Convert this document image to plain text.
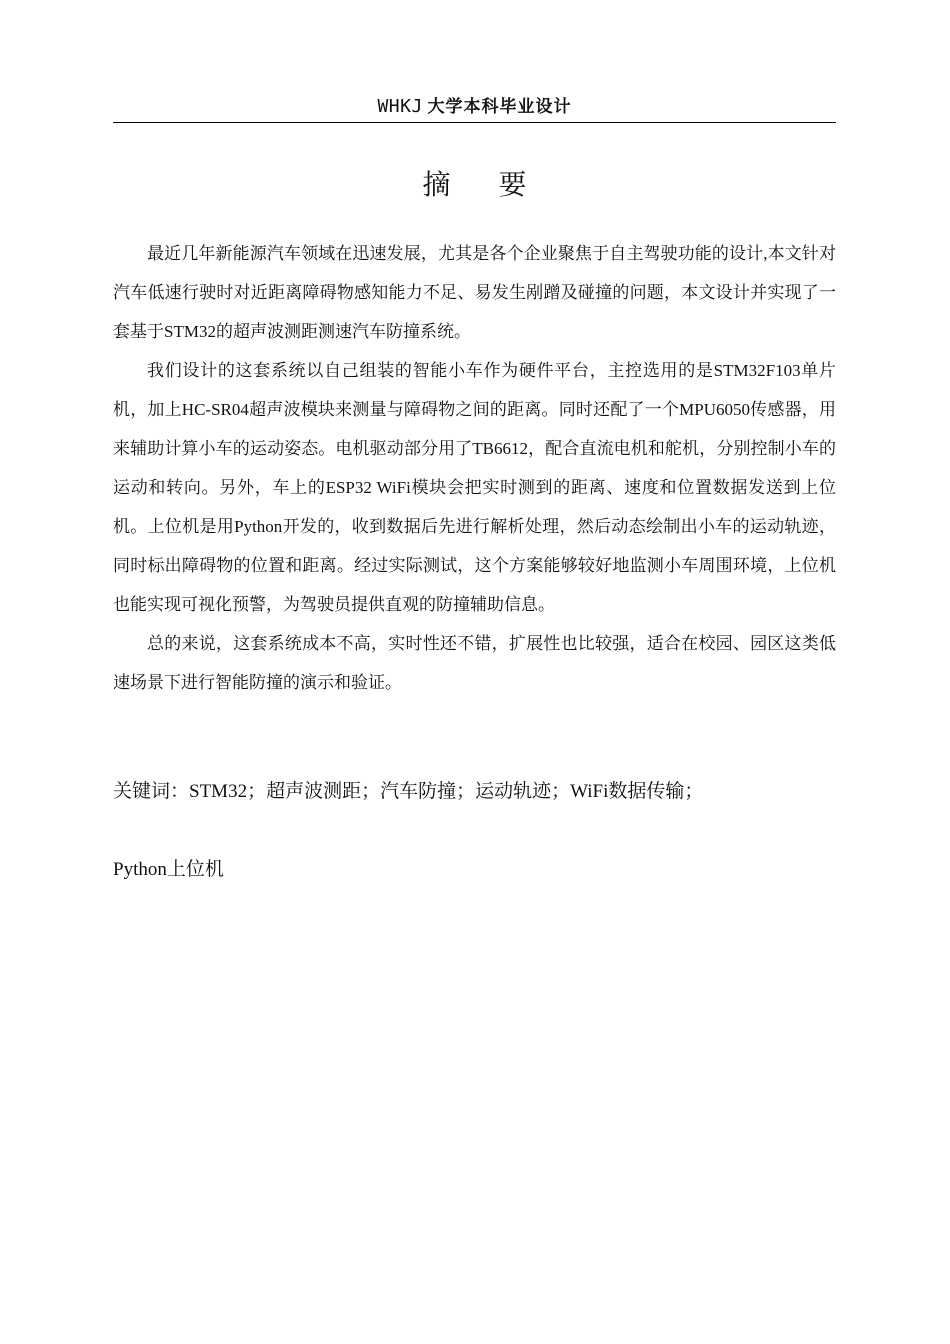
WHKJ 大学本科毕业设计
摘要

最近几年新能源汽车领域在迅速发展，尤其是各个企业聚焦于自主驾驶功能的设计,本文针对汽车低速行驶时对近距离障碍物感知能力不足、易发生剐蹭及碰撞的问题，本文设计并实现了一套基于STM32的超声波测距测速汽车防撞系统。

我们设计的这套系统以自己组装的智能小车作为硬件平台，主控选用的是STM32F103单片机，加上HC-SR04超声波模块来测量与障碍物之间的距离。同时还配了一个MPU6050传感器，用来辅助计算小车的运动姿态。电机驱动部分用了TB6612，配合直流电机和舵机，分别控制小车的运动和转向。另外，车上的ESP32 WiFi模块会把实时测到的距离、速度和位置数据发送到上位机。上位机是用Python开发的，收到数据后先进行解析处理，然后动态绘制出小车的运动轨迹，同时标出障碍物的位置和距离。经过实际测试，这个方案能够较好地监测小车周围环境，上位机也能实现可视化预警，为驾驶员提供直观的防撞辅助信息。

总的来说，这套系统成本不高，实时性还不错，扩展性也比较强，适合在校园、园区这类低速场景下进行智能防撞的演示和验证。

关键词：STM32；超声波测距；汽车防撞；运动轨迹；WiFi数据传输；
Python上位机
